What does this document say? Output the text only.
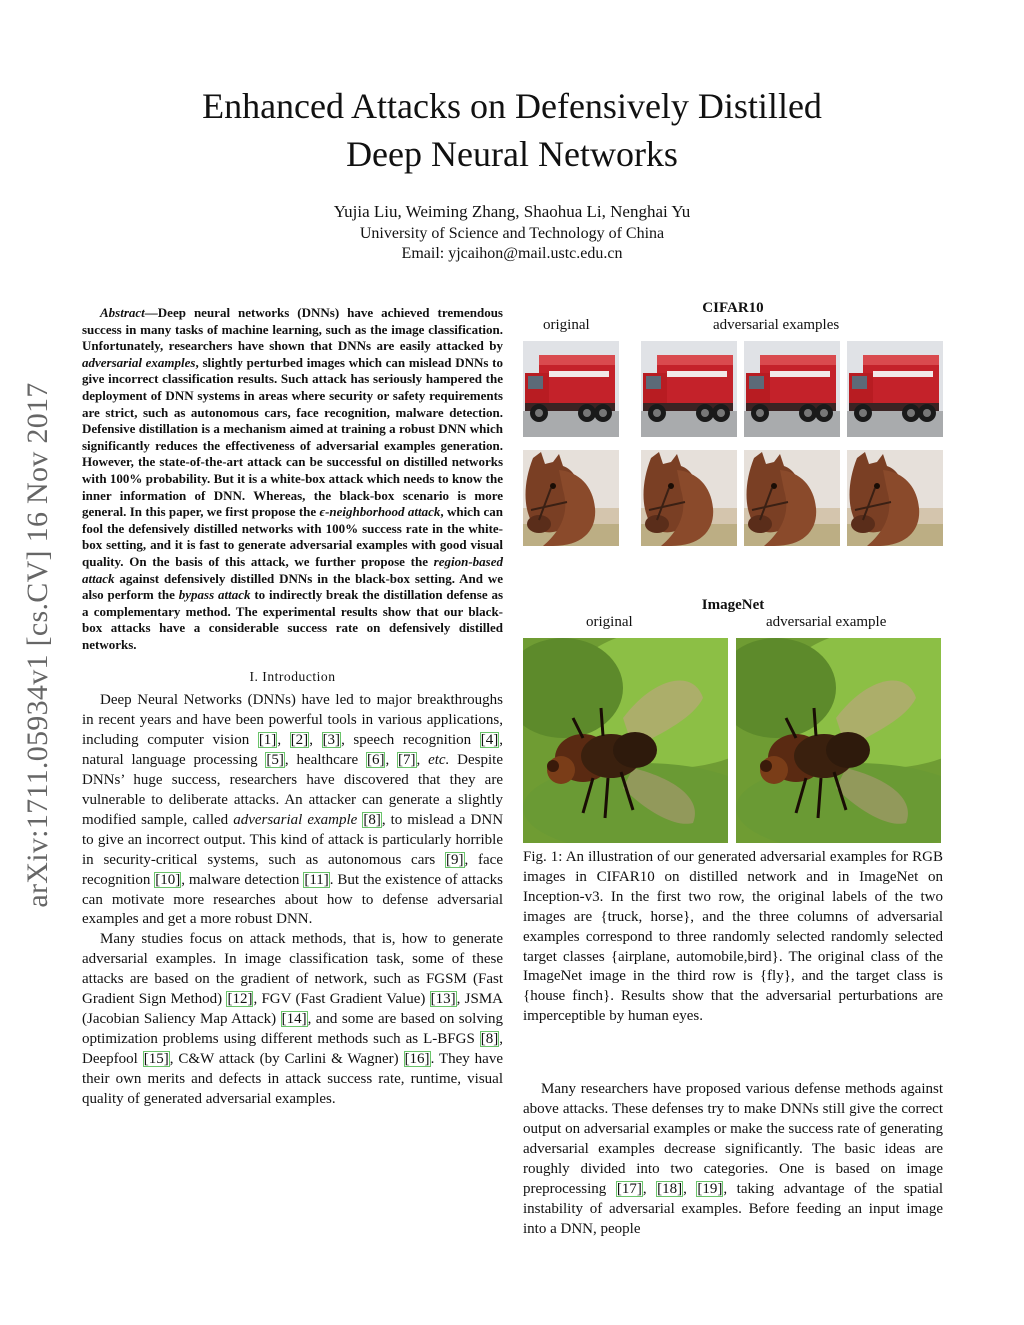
arXiv:1711.05934v1 [cs.CV] 16 Nov 2017
Enhanced Attacks on Defensively Distilled
Deep Neural Networks
Yujia Liu, Weiming Zhang, Shaohua Li, Nenghai Yu
University of Science and Technology of China
Email: yjcaihon@mail.ustc.edu.cn
Abstract—Deep neural networks (DNNs) have achieved tremendous success in many tasks of machine learning, such as the image classification. Unfortunately, researchers have shown that DNNs are easily attacked by adversarial examples, slightly perturbed images which can mislead DNNs to give incorrect classification results. Such attack has seriously hampered the deployment of DNN systems in areas where security or safety requirements are strict, such as autonomous cars, face recognition, malware detection. Defensive distillation is a mechanism aimed at training a robust DNN which significantly reduces the effectiveness of adversarial examples generation. However, the state-of-the-art attack can be successful on distilled networks with 100% probability. But it is a white-box attack which needs to know the inner information of DNN. Whereas, the black-box scenario is more general. In this paper, we first propose the ϵ-neighborhood attack, which can fool the defensively distilled networks with 100% success rate in the white-box setting, and it is fast to generate adversarial examples with good visual quality. On the basis of this attack, we further propose the region-based attack against defensively distilled DNNs in the black-box setting. And we also perform the bypass attack to indirectly break the distillation defense as a complementary method. The experimental results show that our black-box attacks have a considerable success rate on defensively distilled networks.
I. Introduction

Deep Neural Networks (DNNs) have led to major breakthroughs in recent years and have been powerful tools in various applications, including computer vision [1], [2], [3], speech recognition [4], natural language processing [5], healthcare [6], [7], etc. Despite DNNs’ huge success, researchers have discovered that they are vulnerable to deliberate attacks. An attacker can generate a slightly modified sample, called adversarial example [8], to mislead a DNN to give an incorrect output. This kind of attack is particularly horrible in security-critical systems, such as autonomous cars [9], face recognition [10], malware detection [11]. But the existence of attacks can motivate more researches about how to defense adversarial examples and get a more robust DNN.

Many studies focus on attack methods, that is, how to generate adversarial examples. In image classification task, some of these attacks are based on the gradient of network, such as FGSM (Fast Gradient Sign Method) [12], FGV (Fast Gradient Value) [13], JSMA (Jacobian Saliency Map Attack) [14], and some are based on solving optimization problems using different methods such as L-BFGS [8], Deepfool [15], C&W attack (by Carlini & Wagner) [16]. They have their own merits and defects in attack success rate, runtime, visual quality of generated adversarial examples.

CIFAR10
original	adversarial examples
ImageNet
original	adversarial example
Fig. 1: An illustration of our generated adversarial examples for RGB images in CIFAR10 on distilled network and in ImageNet on Inception-v3. In the first two row, the original labels of the two images are {truck, horse}, and the three columns of adversarial examples correspond to three randomly selected randomly selected target classes {airplane, automobile,bird}. The original class of the ImageNet image in the third row is {fly}, and the target class is {house finch}. Results show that the adversarial perturbations are imperceptible by human eyes.

Many researchers have proposed various defense methods against above attacks. These defenses try to make DNNs still give the correct output on adversarial examples or make the success rate of generating adversarial examples decrease significantly. The basic ideas are roughly divided into two categories. One is based on image preprocessing [17], [18], [19], taking advantage of the spatial instability of adversarial examples. Before feeding an input image into a DNN, people
